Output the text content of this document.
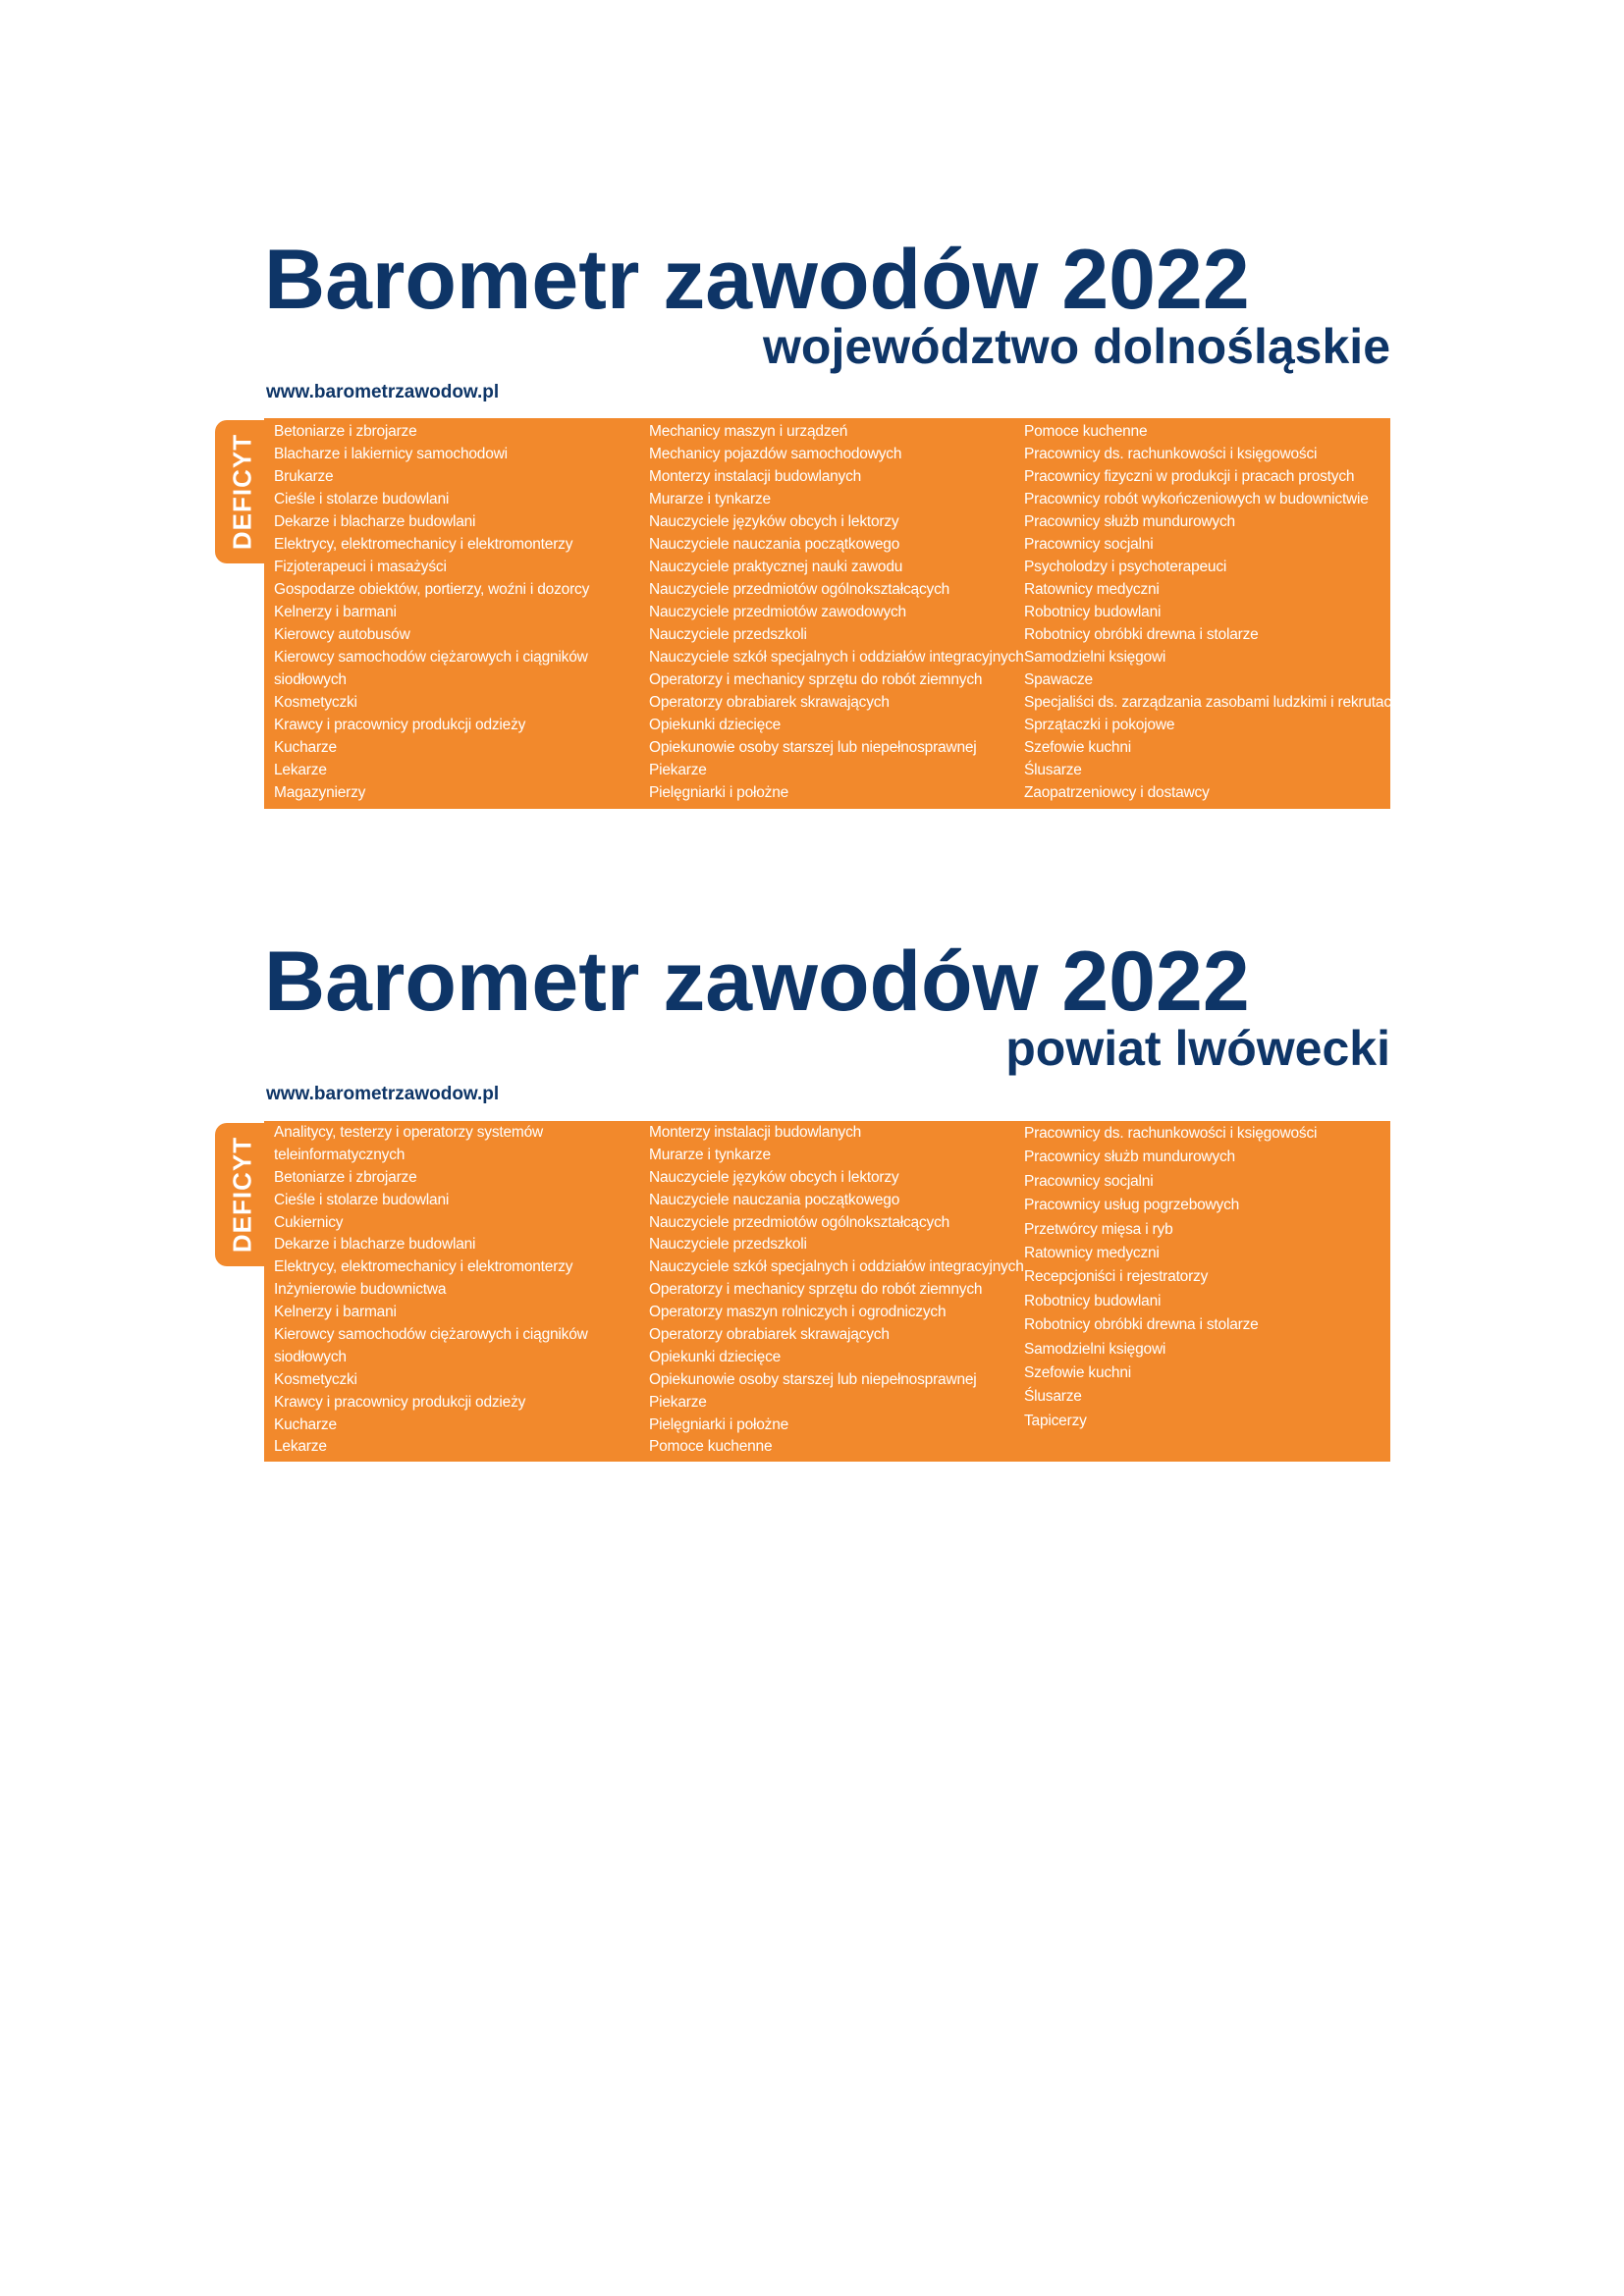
Barometr zawodów 2022
województwo dolnośląskie
www.barometrzawodow.pl
DEFICYT
Betoniarze i zbrojarze
Blacharze i lakiernicy samochodowi
Brukarze
Cieśle i stolarze budowlani
Dekarze i blacharze budowlani
Elektrycy, elektromechanicy i elektromonterzy
Fizjoterapeuci i masażyści
Gospodarze obiektów, portierzy, woźni i dozorcy
Kelnerzy i barmani
Kierowcy autobusów
Kierowcy samochodów ciężarowych i ciągników
siodłowych
Kosmetyczki
Krawcy i pracownicy produkcji odzieży
Kucharze
Lekarze
Magazynierzy
Mechanicy maszyn i urządzeń
Mechanicy pojazdów samochodowych
Monterzy instalacji budowlanych
Murarze i tynkarze
Nauczyciele języków obcych i lektorzy
Nauczyciele nauczania początkowego
Nauczyciele praktycznej nauki zawodu
Nauczyciele przedmiotów ogólnokształcących
Nauczyciele przedmiotów zawodowych
Nauczyciele przedszkoli
Nauczyciele szkół specjalnych i oddziałów integracyjnych
Operatorzy i mechanicy sprzętu do robót ziemnych
Operatorzy obrabiarek skrawających
Opiekunki dziecięce
Opiekunowie osoby starszej lub niepełnosprawnej
Piekarze
Pielęgniarki i położne
Pomoce kuchenne
Pracownicy ds. rachunkowości i księgowości
Pracownicy fizyczni w produkcji i pracach prostych
Pracownicy robót wykończeniowych w budownictwie
Pracownicy służb mundurowych
Pracownicy socjalni
Psycholodzy i psychoterapeuci
Ratownicy medyczni
Robotnicy budowlani
Robotnicy obróbki drewna i stolarze
Samodzielni księgowi
Spawacze
Specjaliści ds. zarządzania zasobami ludzkimi i rekrutacji
Sprzątaczki i pokojowe
Szefowie kuchni
Ślusarze
Zaopatrzeniowcy i dostawcy
Barometr zawodów 2022
powiat lwówecki
www.barometrzawodow.pl
DEFICYT
Analitycy, testerzy i operatorzy systemów
teleinformatycznych
Betoniarze i zbrojarze
Cieśle i stolarze budowlani
Cukiernicy
Dekarze i blacharze budowlani
Elektrycy, elektromechanicy i elektromonterzy
Inżynierowie budownictwa
Kelnerzy i barmani
Kierowcy samochodów ciężarowych i ciągników
siodłowych
Kosmetyczki
Krawcy i pracownicy produkcji odzieży
Kucharze
Lekarze
Monterzy instalacji budowlanych
Murarze i tynkarze
Nauczyciele języków obcych i lektorzy
Nauczyciele nauczania początkowego
Nauczyciele przedmiotów ogólnokształcących
Nauczyciele przedszkoli
Nauczyciele szkół specjalnych i oddziałów integracyjnych
Operatorzy i mechanicy sprzętu do robót ziemnych
Operatorzy maszyn rolniczych i ogrodniczych
Operatorzy obrabiarek skrawających
Opiekunki dziecięce
Opiekunowie osoby starszej lub niepełnosprawnej
Piekarze
Pielęgniarki i położne
Pomoce kuchenne
Pracownicy ds. rachunkowości i księgowości
Pracownicy służb mundurowych
Pracownicy socjalni
Pracownicy usług pogrzebowych
Przetwórcy mięsa i ryb
Ratownicy medyczni
Recepcjoniści i rejestratorzy
Robotnicy budowlani
Robotnicy obróbki drewna i stolarze
Samodzielni księgowi
Szefowie kuchni
Ślusarze
Tapicerzy
